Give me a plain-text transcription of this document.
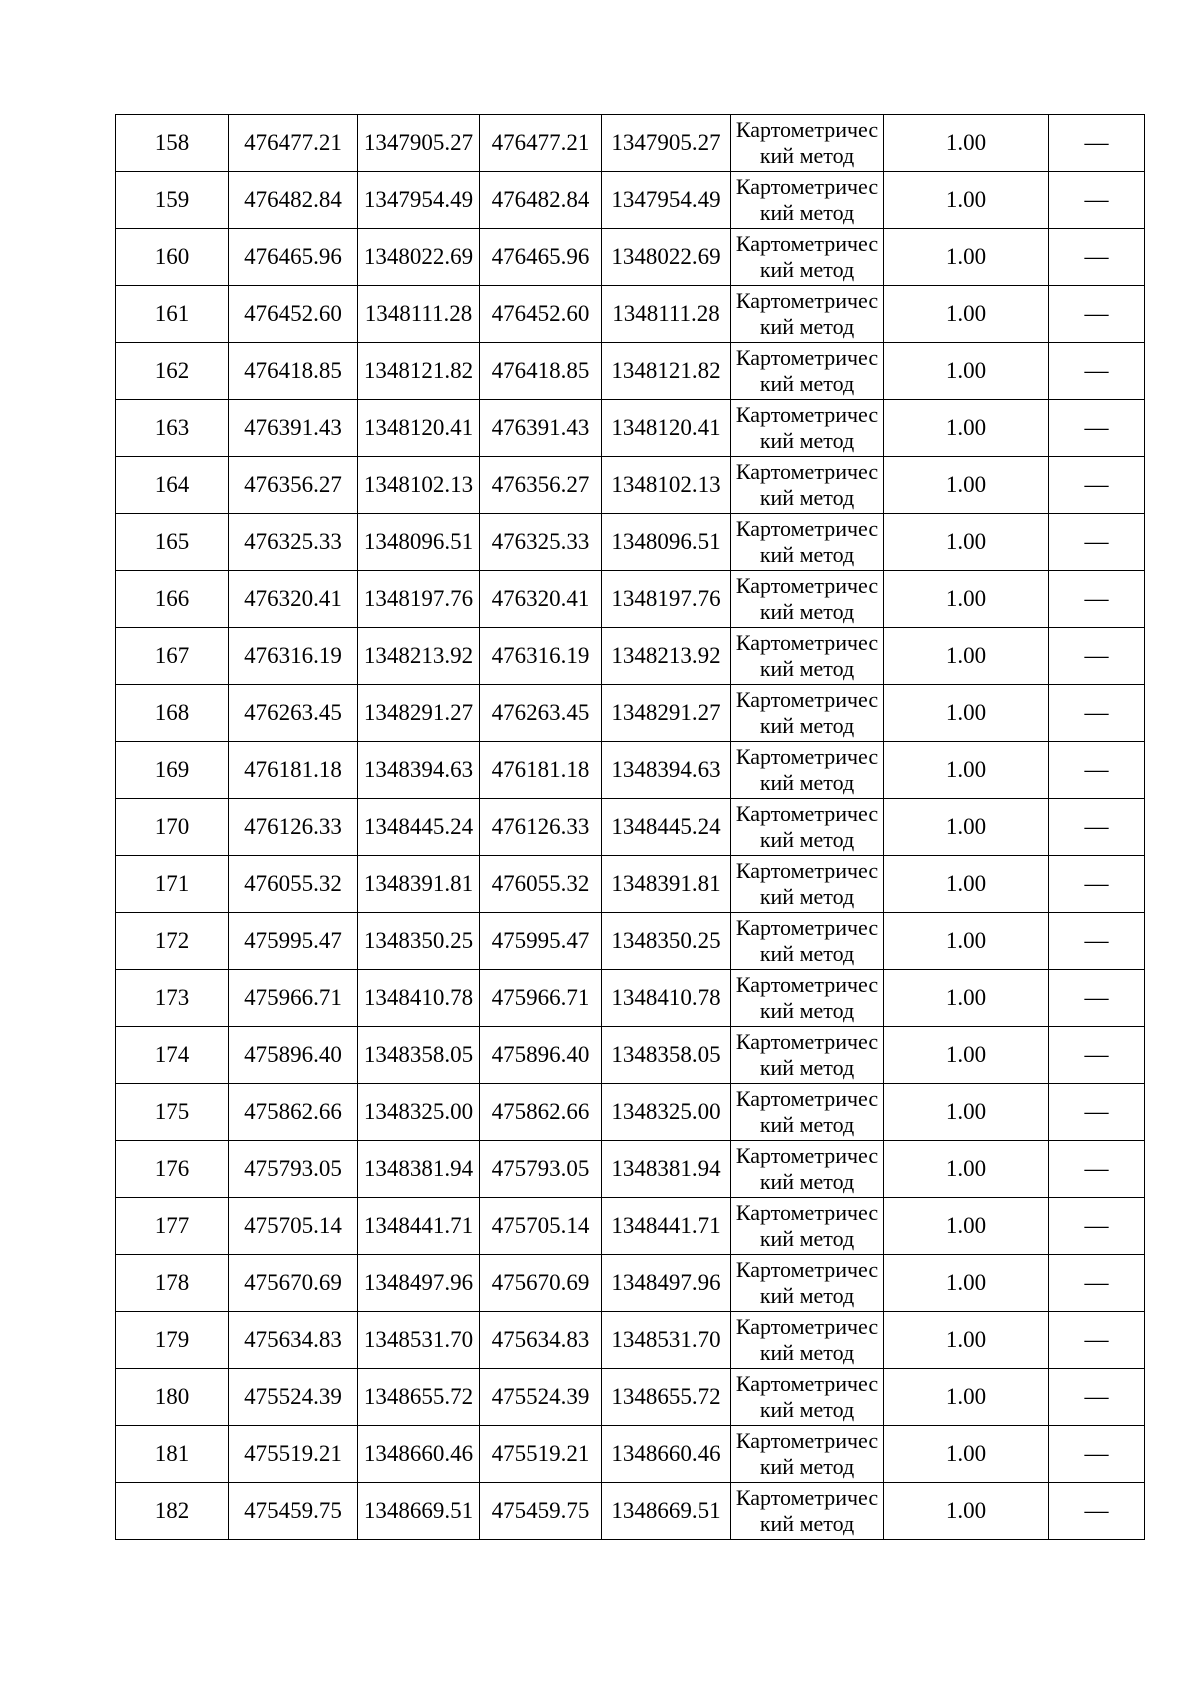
158	476477.21	1347905.27	476477.21	1347905.27	Картометрический метод	1.00	—
159	476482.84	1347954.49	476482.84	1347954.49	Картометрический метод	1.00	—
160	476465.96	1348022.69	476465.96	1348022.69	Картометрический метод	1.00	—
161	476452.60	1348111.28	476452.60	1348111.28	Картометрический метод	1.00	—
162	476418.85	1348121.82	476418.85	1348121.82	Картометрический метод	1.00	—
163	476391.43	1348120.41	476391.43	1348120.41	Картометрический метод	1.00	—
164	476356.27	1348102.13	476356.27	1348102.13	Картометрический метод	1.00	—
165	476325.33	1348096.51	476325.33	1348096.51	Картометрический метод	1.00	—
166	476320.41	1348197.76	476320.41	1348197.76	Картометрический метод	1.00	—
167	476316.19	1348213.92	476316.19	1348213.92	Картометрический метод	1.00	—
168	476263.45	1348291.27	476263.45	1348291.27	Картометрический метод	1.00	—
169	476181.18	1348394.63	476181.18	1348394.63	Картометрический метод	1.00	—
170	476126.33	1348445.24	476126.33	1348445.24	Картометрический метод	1.00	—
171	476055.32	1348391.81	476055.32	1348391.81	Картометрический метод	1.00	—
172	475995.47	1348350.25	475995.47	1348350.25	Картометрический метод	1.00	—
173	475966.71	1348410.78	475966.71	1348410.78	Картометрический метод	1.00	—
174	475896.40	1348358.05	475896.40	1348358.05	Картометрический метод	1.00	—
175	475862.66	1348325.00	475862.66	1348325.00	Картометрический метод	1.00	—
176	475793.05	1348381.94	475793.05	1348381.94	Картометрический метод	1.00	—
177	475705.14	1348441.71	475705.14	1348441.71	Картометрический метод	1.00	—
178	475670.69	1348497.96	475670.69	1348497.96	Картометрический метод	1.00	—
179	475634.83	1348531.70	475634.83	1348531.70	Картометрический метод	1.00	—
180	475524.39	1348655.72	475524.39	1348655.72	Картометрический метод	1.00	—
181	475519.21	1348660.46	475519.21	1348660.46	Картометрический метод	1.00	—
182	475459.75	1348669.51	475459.75	1348669.51	Картометрический метод	1.00	—
